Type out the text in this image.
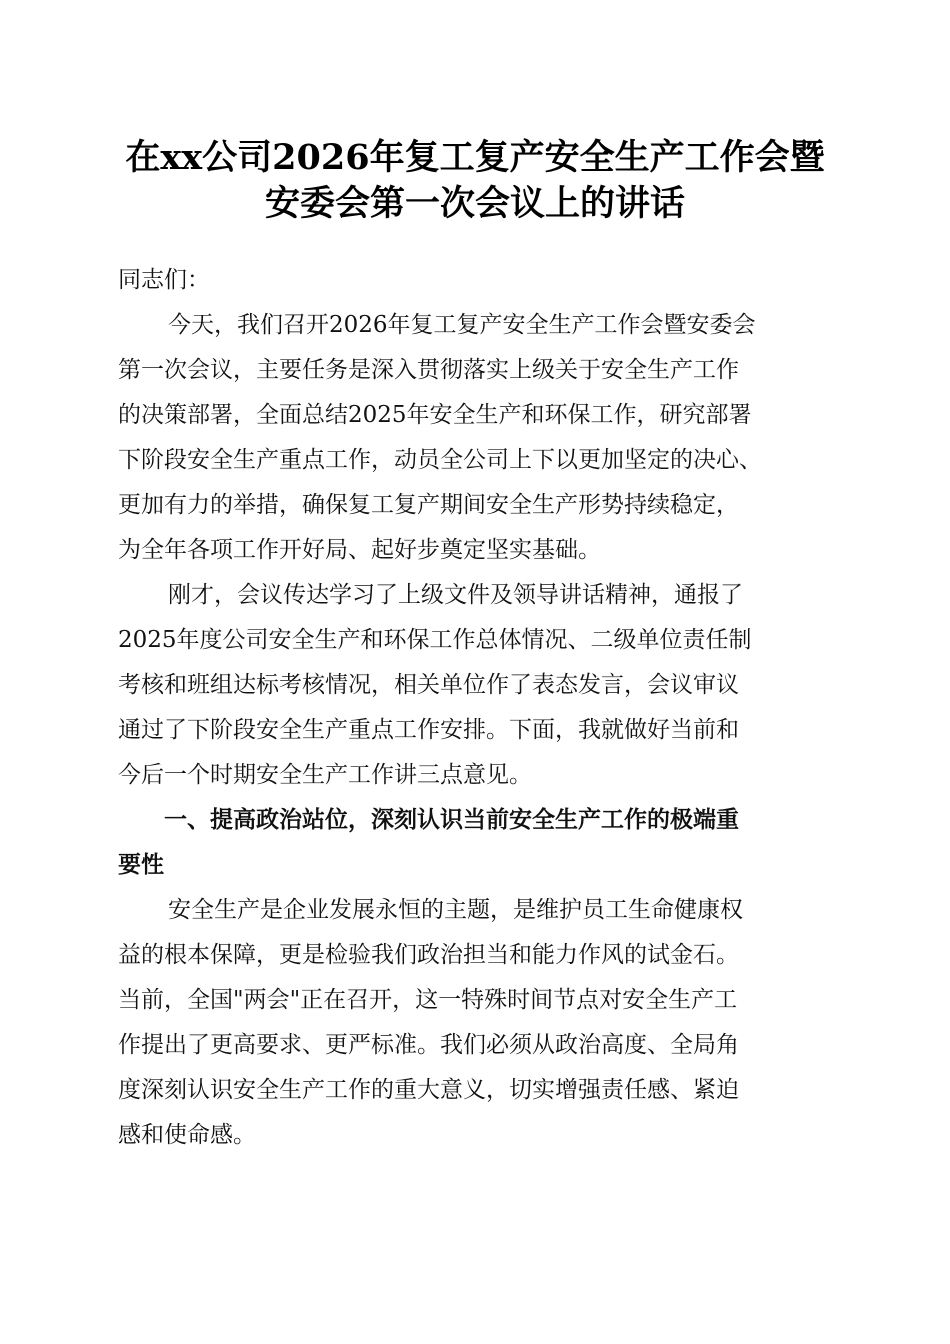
在xx公司2026年复工复产安全生产工作会暨
安委会第一次会议上的讲话

同志们：

今天，我们召开2026年复工复产安全生产工作会暨安委会
第一次会议，主要任务是深入贯彻落实上级关于安全生产工作
的决策部署，全面总结2025年安全生产和环保工作，研究部署
下阶段安全生产重点工作，动员全公司上下以更加坚定的决心、
更加有力的举措，确保复工复产期间安全生产形势持续稳定，
为全年各项工作开好局、起好步奠定坚实基础。

刚才，会议传达学习了上级文件及领导讲话精神，通报了
2025年度公司安全生产和环保工作总体情况、二级单位责任制
考核和班组达标考核情况，相关单位作了表态发言，会议审议
通过了下阶段安全生产重点工作安排。下面，我就做好当前和
今后一个时期安全生产工作讲三点意见。

一、提高政治站位，深刻认识当前安全生产工作的极端重
要性

安全生产是企业发展永恒的主题，是维护员工生命健康权
益的根本保障，更是检验我们政治担当和能力作风的试金石。
当前，全国"两会"正在召开，这一特殊时间节点对安全生产工
作提出了更高要求、更严标准。我们必须从政治高度、全局角
度深刻认识安全生产工作的重大意义，切实增强责任感、紧迫
感和使命感。
